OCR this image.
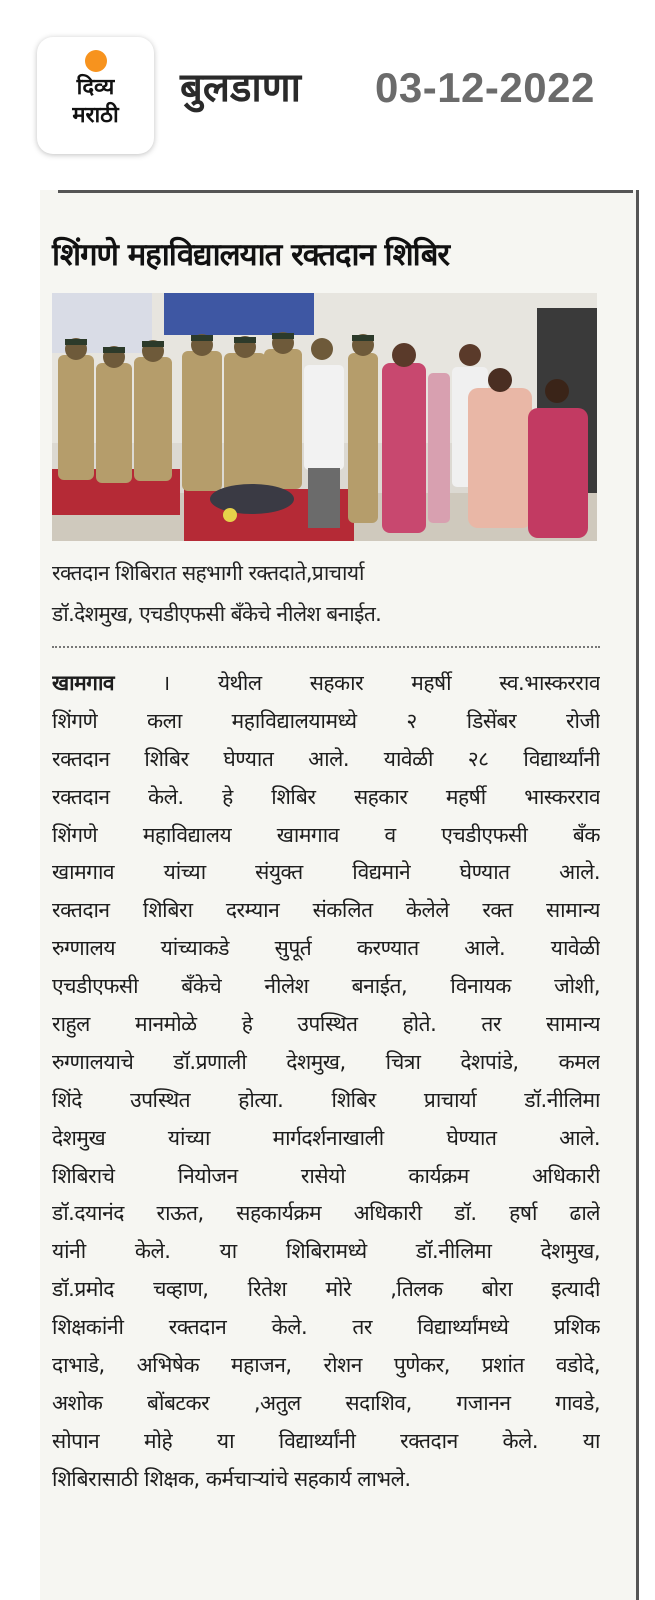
दिव्य
मराठी
बुलडाणा 03-12-2022
शिंगणे महाविद्यालयात रक्तदान शिबिर
रक्तदान शिबिरात सहभागी रक्तदाते,प्राचार्या
डॉ.देशमुख, एचडीएफसी बँकेचे नीलेश बनाईत.
खामगाव । येथील सहकार महर्षी स्व.भास्करराव
शिंगणे कला महाविद्यालयामध्ये २ डिसेंबर रोजी
रक्तदान शिबिर घेण्यात आले. यावेळी २८ विद्यार्थ्यांनी
रक्तदान केले. हे शिबिर सहकार महर्षी भास्करराव
शिंगणे महाविद्यालय खामगाव व एचडीएफसी बँक
खामगाव यांच्या संयुक्त विद्यमाने घेण्यात आले.
रक्तदान शिबिरा दरम्यान संकलित केलेले रक्त सामान्य
रुग्णालय यांच्याकडे सुपूर्त करण्यात आले. यावेळी
एचडीएफसी बँकेचे नीलेश बनाईत, विनायक जोशी,
राहुल मानमोळे हे उपस्थित होते. तर सामान्य
रुग्णालयाचे डॉ.प्रणाली देशमुख, चित्रा देशपांडे, कमल
शिंदे उपस्थित होत्या. शिबिर प्राचार्या डॉ.नीलिमा
देशमुख यांच्या मार्गदर्शनाखाली घेण्यात आले.
शिबिराचे नियोजन रासेयो कार्यक्रम अधिकारी
डॉ.दयानंद राऊत, सहकार्यक्रम अधिकारी डॉ. हर्षा ढाले
यांनी केले. या शिबिरामध्ये डॉ.नीलिमा देशमुख,
डॉ.प्रमोद चव्हाण, रितेश मोरे ,तिलक बोरा इत्यादी
शिक्षकांनी रक्तदान केले. तर विद्यार्थ्यांमध्ये प्रशिक
दाभाडे, अभिषेक महाजन, रोशन पुणेकर, प्रशांत वडोदे,
अशोक बोंबटकर ,अतुल सदाशिव, गजानन गावडे,
सोपान मोहे या विद्यार्थ्यांनी रक्तदान केले. या
शिबिरासाठी शिक्षक, कर्मचाऱ्यांचे सहकार्य लाभले.
